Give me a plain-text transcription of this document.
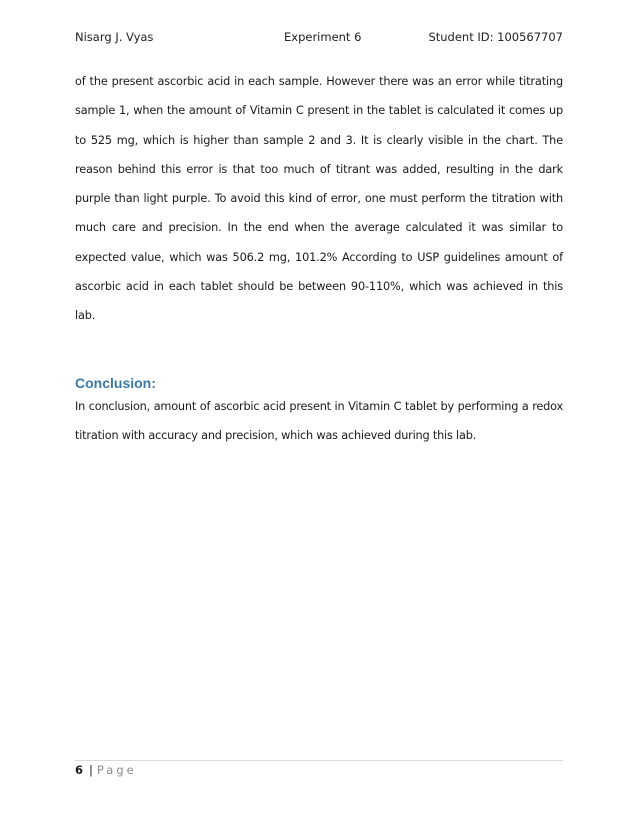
Nisarg J. Vyas	Experiment 6	Student ID: 100567707

of the present ascorbic acid in each sample. However there was an error while titrating sample 1, when the amount of Vitamin C present in the tablet is calculated it comes up to 525 mg, which is higher than sample 2 and 3. It is clearly visible in the chart. The reason behind this error is that too much of titrant was added, resulting in the dark purple than light purple. To avoid this kind of error, one must perform the titration with much care and precision. In the end when the average calculated it was similar to expected value, which was 506.2 mg, 101.2% According to USP guidelines amount of ascorbic acid in each tablet should be between 90-110%, which was achieved in this lab.

Conclusion:

In conclusion, amount of ascorbic acid present in Vitamin C tablet by performing a redox titration with accuracy and precision, which was achieved during this lab.

6 | Page
